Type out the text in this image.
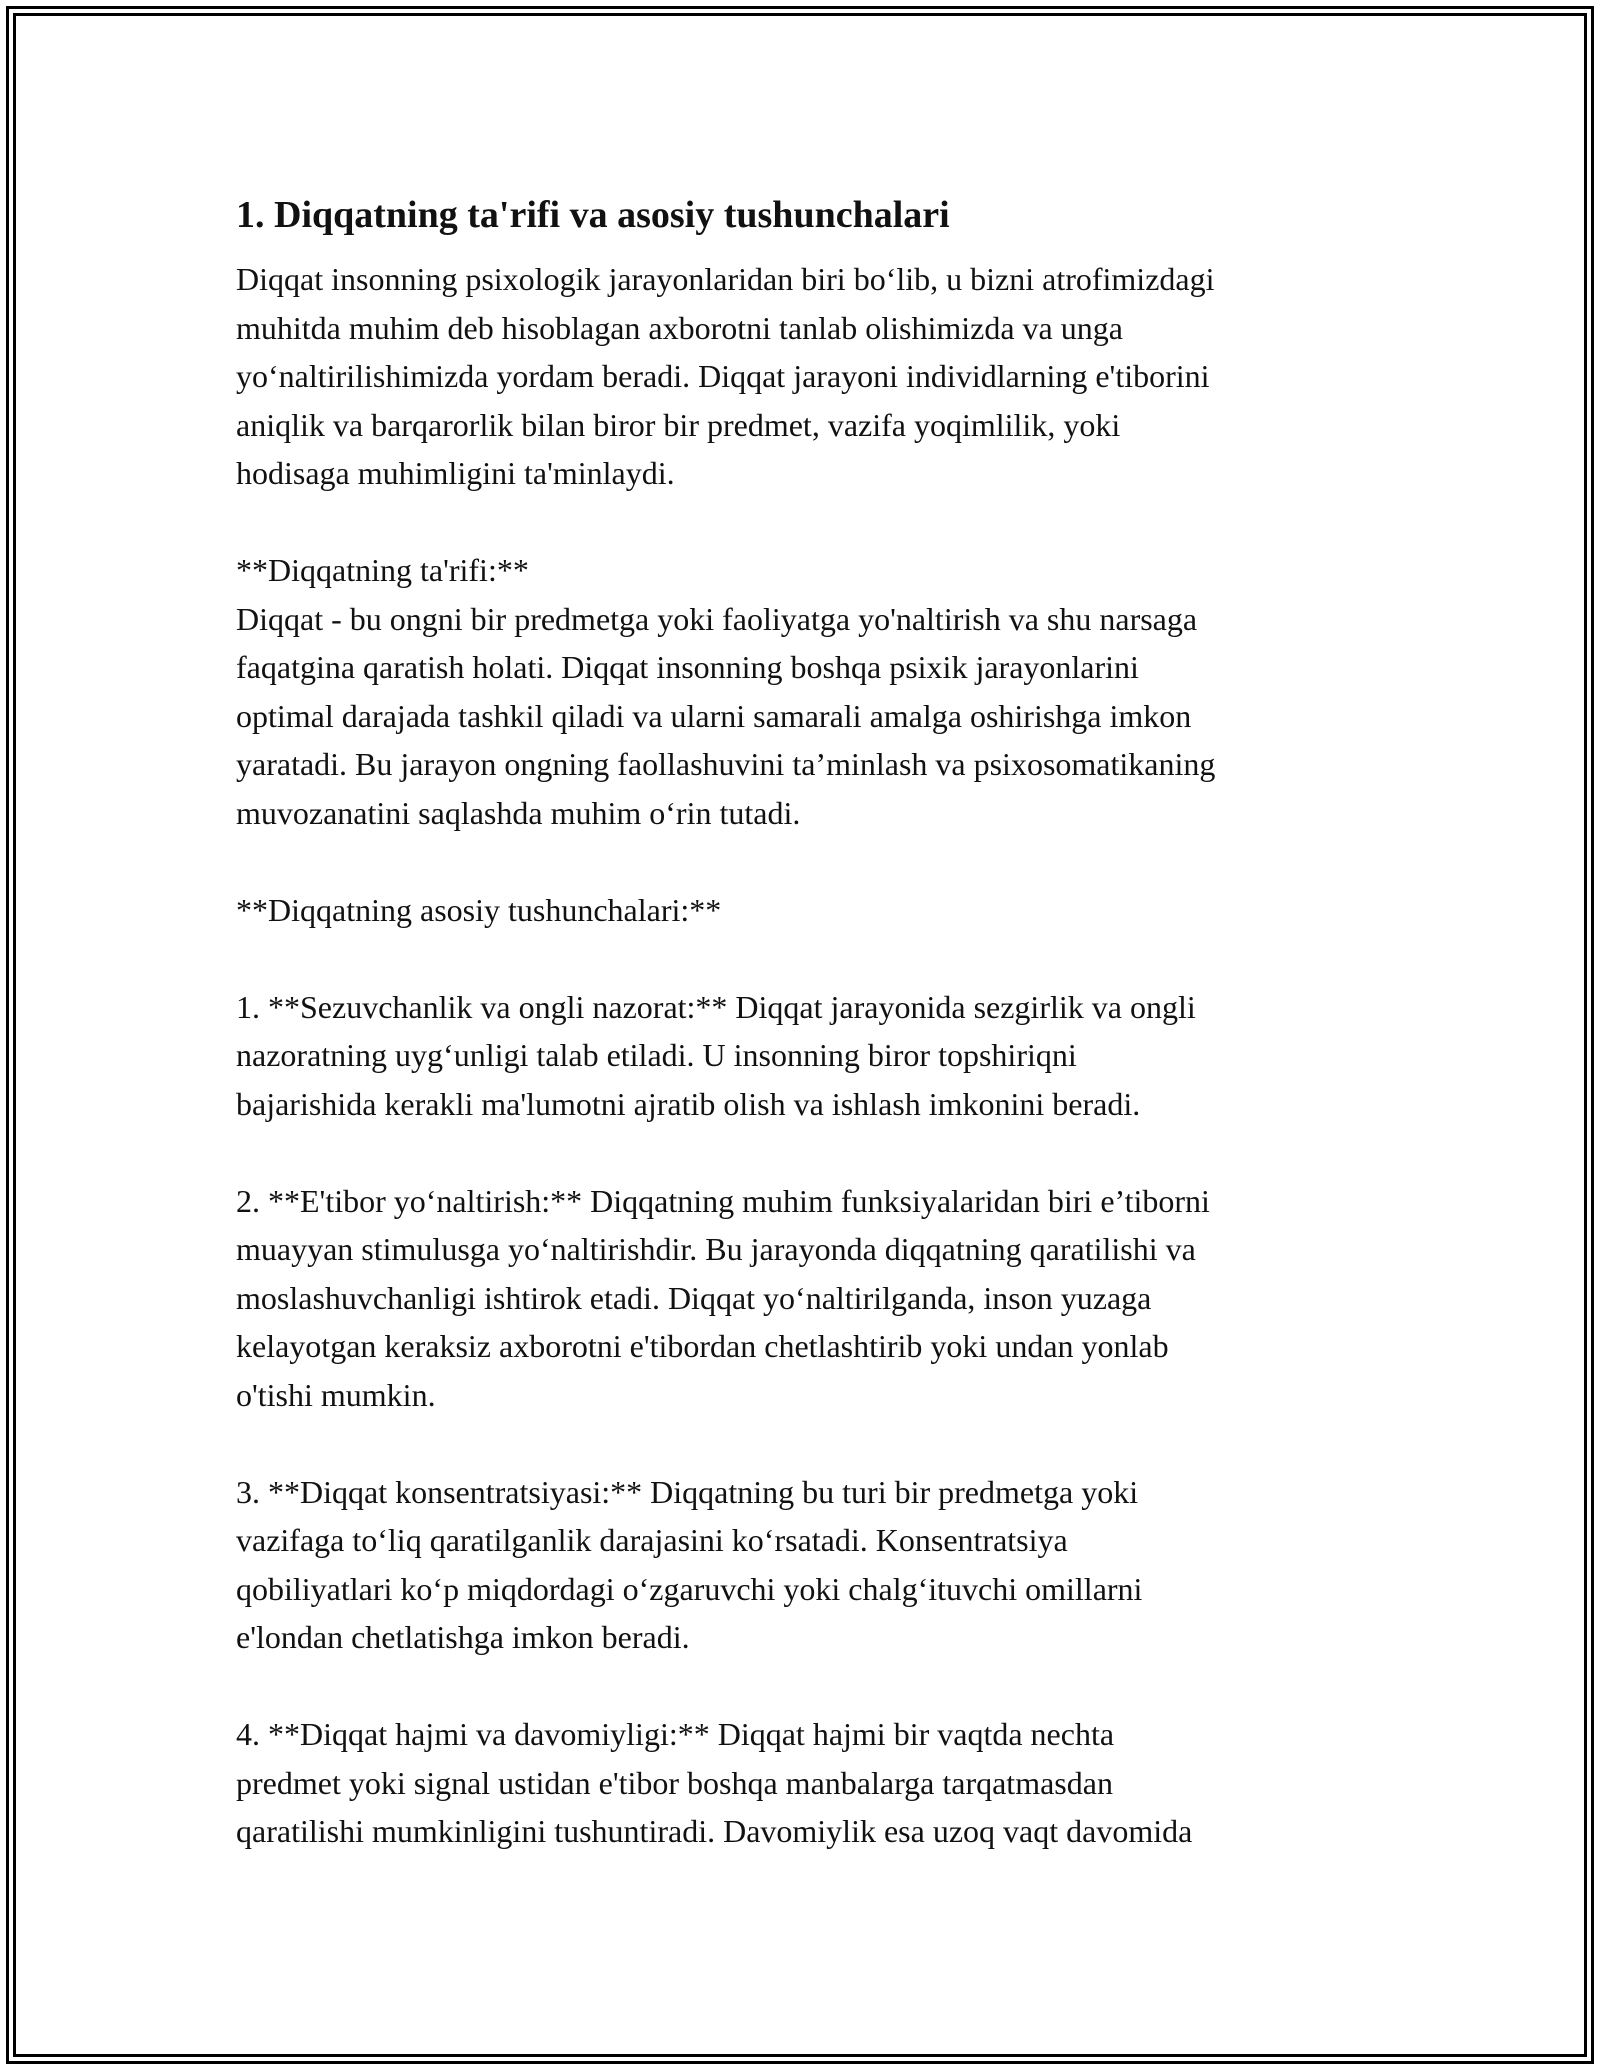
1. Diqqatning ta'rifi va asosiy tushunchalari

Diqqat insonning psixologik jarayonlaridan biri bo‘lib, u bizni atrofimizdagi
muhitda muhim deb hisoblagan axborotni tanlab olishimizda va unga
yo‘naltirilishimizda yordam beradi. Diqqat jarayoni individlarning e'tiborini
aniqlik va barqarorlik bilan biror bir predmet, vazifa yoqimlilik, yoki
hodisaga muhimligini ta'minlaydi.

**Diqqatning ta'rifi:**
Diqqat - bu ongni bir predmetga yoki faoliyatga yo'naltirish va shu narsaga
faqatgina qaratish holati. Diqqat insonning boshqa psixik jarayonlarini
optimal darajada tashkil qiladi va ularni samarali amalga oshirishga imkon
yaratadi. Bu jarayon ongning faollashuvini ta’minlash va psixosomatikaning
muvozanatini saqlashda muhim o‘rin tutadi.

**Diqqatning asosiy tushunchalari:**

1. **Sezuvchanlik va ongli nazorat:** Diqqat jarayonida sezgirlik va ongli
nazoratning uyg‘unligi talab etiladi. U insonning biror topshiriqni
bajarishida kerakli ma'lumotni ajratib olish va ishlash imkonini beradi.

2. **E'tibor yo‘naltirish:** Diqqatning muhim funksiyalaridan biri e’tiborni
muayyan stimulusga yo‘naltirishdir. Bu jarayonda diqqatning qaratilishi va
moslashuvchanligi ishtirok etadi. Diqqat yo‘naltirilganda, inson yuzaga
kelayotgan keraksiz axborotni e'tibordan chetlashtirib yoki undan yonlab
o'tishi mumkin.

3. **Diqqat konsentratsiyasi:** Diqqatning bu turi bir predmetga yoki
vazifaga to‘liq qaratilganlik darajasini ko‘rsatadi. Konsentratsiya
qobiliyatlari ko‘p miqdordagi o‘zgaruvchi yoki chalg‘ituvchi omillarni
e'londan chetlatishga imkon beradi.

4. **Diqqat hajmi va davomiyligi:** Diqqat hajmi bir vaqtda nechta
predmet yoki signal ustidan e'tibor boshqa manbalarga tarqatmasdan
qaratilishi mumkinligini tushuntiradi. Davomiylik esa uzoq vaqt davomida
